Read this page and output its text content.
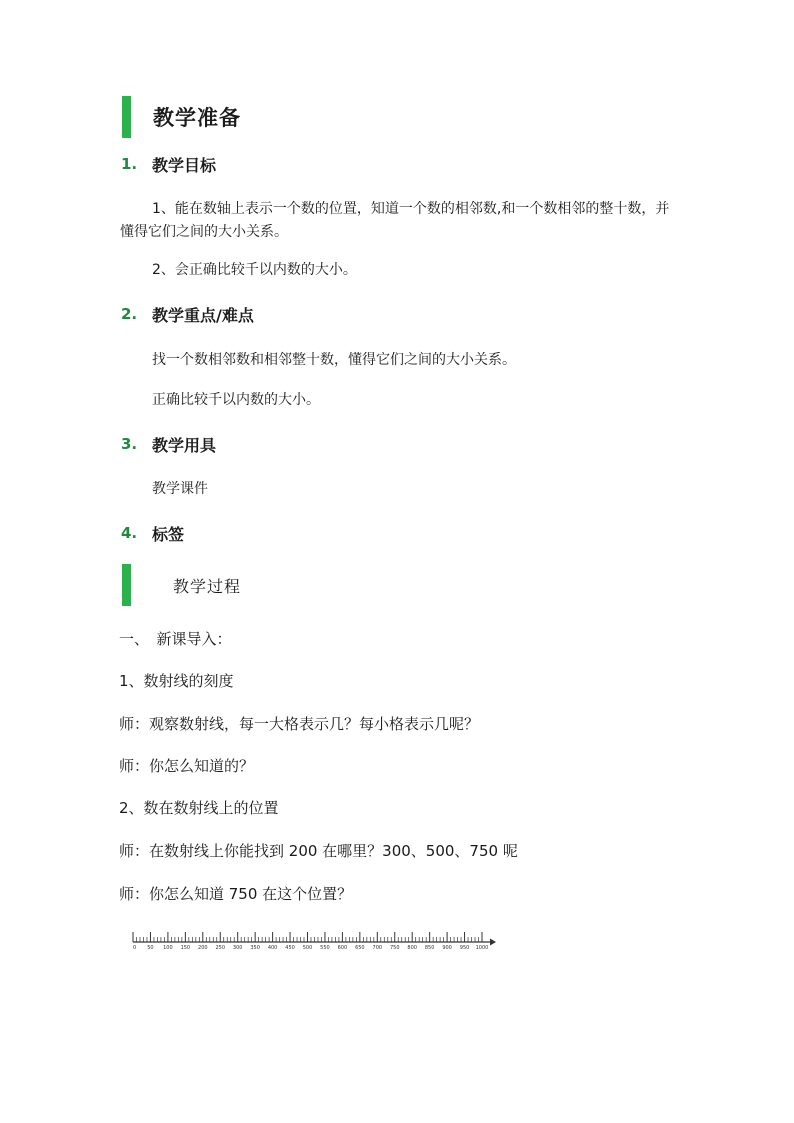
教学准备
1. 教学目标
1、能在数轴上表示一个数的位置，知道一个数的相邻数,和一个数相邻的整十数，并懂得它们之间的大小关系。
2、会正确比较千以内数的大小。
2. 教学重点/难点
找一个数相邻数和相邻整十数，懂得它们之间的大小关系。
正确比较千以内数的大小。
3. 教学用具
教学课件
4. 标签
教学过程
一、　新课导入：
1、数射线的刻度
师：观察数射线，每一大格表示几？每小格表示几呢？
师：你怎么知道的？
2、数在数射线上的位置
师：在数射线上你能找到 200 在哪里？300、500、750 呢
师：你怎么知道 750 在这个位置？
0 50 100 150 200 250 300 350 400 450 500 550 600 650 700 750 800 850 900 950 1000
